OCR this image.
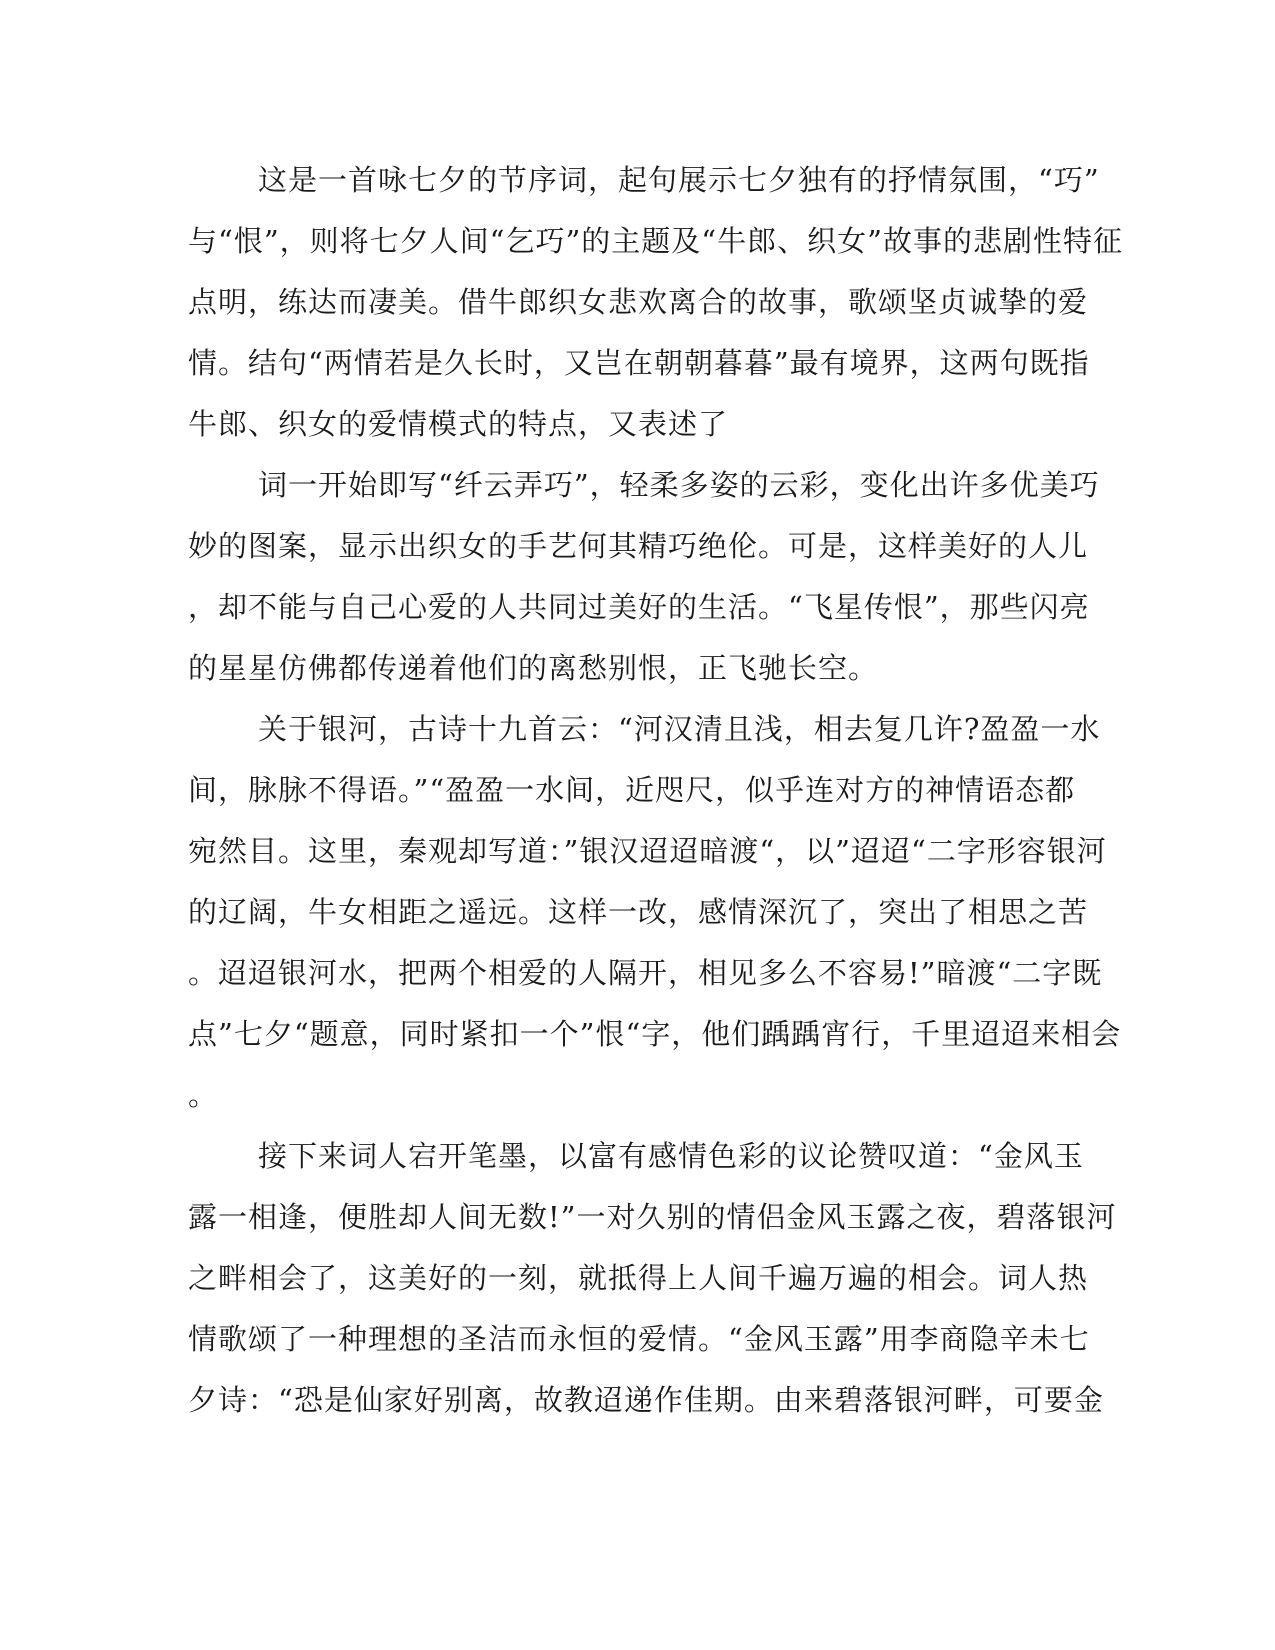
这是一首咏七夕的节序词，起句展示七夕独有的抒情氛围，“巧”
与“恨”，则将七夕人间“乞巧”的主题及“牛郎、织女”故事的悲剧性特征
点明，练达而凄美。借牛郎织女悲欢离合的故事，歌颂坚贞诚挚的爱
情。结句“两情若是久长时，又岂在朝朝暮暮”最有境界，这两句既指
牛郎、织女的爱情模式的特点，又表述了
词一开始即写“纤云弄巧”，轻柔多姿的云彩，变化出许多优美巧
妙的图案，显示出织女的手艺何其精巧绝伦。可是，这样美好的人儿
，却不能与自己心爱的人共同过美好的生活。“飞星传恨”，那些闪亮
的星星仿佛都传递着他们的离愁别恨，正飞驰长空。
关于银河，古诗十九首云：“河汉清且浅，相去复几许?盈盈一水
间，脉脉不得语。”“盈盈一水间，近咫尺，似乎连对方的神情语态都
宛然目。这里，秦观却写道：”银汉迢迢暗渡“，以”迢迢“二字形容银河
的辽阔，牛女相距之遥远。这样一改，感情深沉了，突出了相思之苦
。迢迢银河水，把两个相爱的人隔开，相见多么不容易!”暗渡“二字既
点”七夕“题意，同时紧扣一个”恨“字，他们踽踽宵行，千里迢迢来相会
。
接下来词人宕开笔墨，以富有感情色彩的议论赞叹道：“金风玉
露一相逢，便胜却人间无数!”一对久别的情侣金风玉露之夜，碧落银河
之畔相会了，这美好的一刻，就抵得上人间千遍万遍的相会。词人热
情歌颂了一种理想的圣洁而永恒的爱情。“金风玉露”用李商隐辛未七
夕诗：“恐是仙家好别离，故教迢递作佳期。由来碧落银河畔，可要金
